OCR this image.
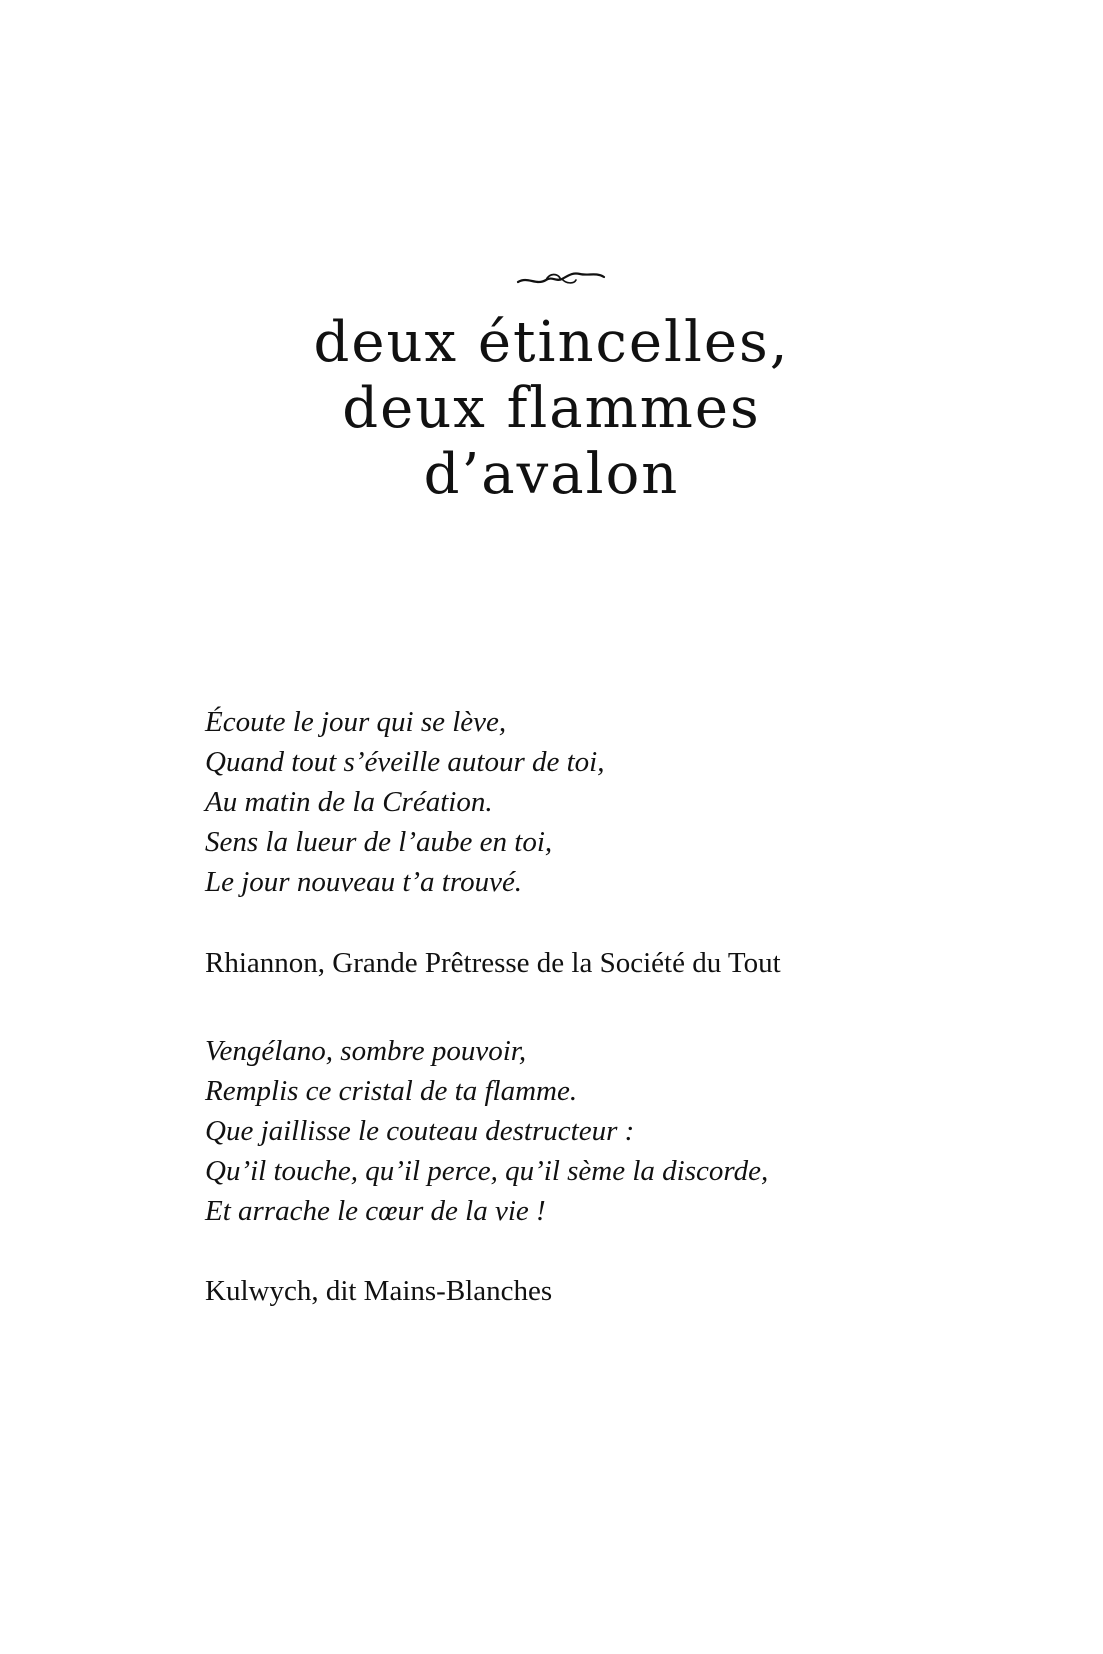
deux étincelles,
deux flammes
d’avalon
Écoute le jour qui se lève,
Quand tout s’éveille autour de toi,
Au matin de la Création.
Sens la lueur de l’aube en toi,
Le jour nouveau t’a trouvé.
Rhiannon, Grande Prêtresse de la Société du Tout
Vengélano, sombre pouvoir,
Remplis ce cristal de ta flamme.
Que jaillisse le couteau destructeur :
Qu’il touche, qu’il perce, qu’il sème la discorde,
Et arrache le cœur de la vie !
Kulwych, dit Mains-Blanches
